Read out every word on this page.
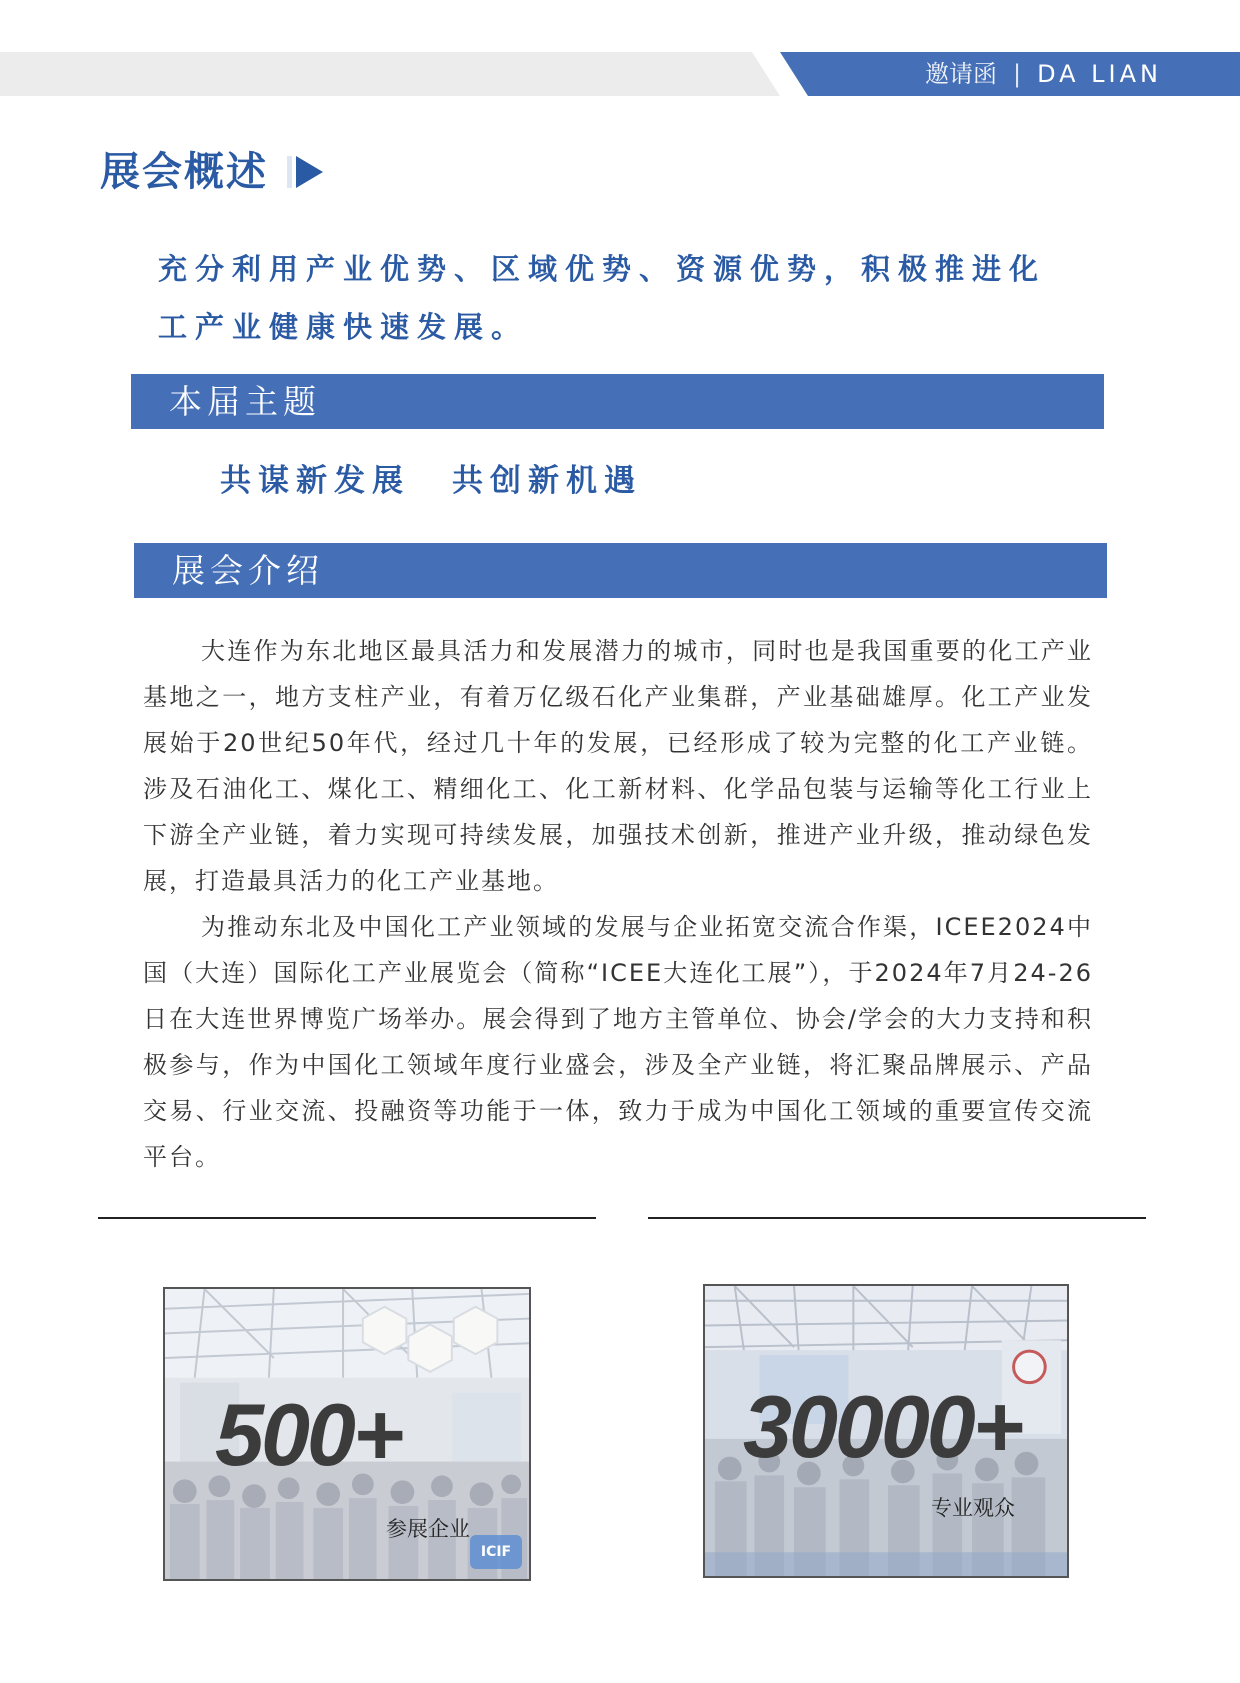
邀请函 | DA LIAN
展会概述
充分利用产业优势、区域优势、资源优势，积极推进化
工产业健康快速发展。
本届主题
共谋新发展 共创新机遇
展会介绍

大连作为东北地区最具活力和发展潜力的城市，同时也是我国重要的化工产业基地之一，地方支柱产业，有着万亿级石化产业集群，产业基础雄厚。化工产业发展始于20世纪50年代，经过几十年的发展，已经形成了较为完整的化工产业链。涉及石油化工、煤化工、精细化工、化工新材料、化学品包装与运输等化工行业上下游全产业链，着力实现可持续发展，加强技术创新，推进产业升级，推动绿色发展，打造最具活力的化工产业基地。

为推动东北及中国化工产业领域的发展与企业拓宽交流合作渠，ICEE2024中国（大连）国际化工产业展览会（简称“ICEE大连化工展”），于2024年7月24-26日在大连世界博览广场举办。展会得到了地方主管单位、协会/学会的大力支持和积极参与，作为中国化工领域年度行业盛会，涉及全产业链，将汇聚品牌展示、产品交易、行业交流、投融资等功能于一体，致力于成为中国化工领域的重要宣传交流平台。

500+
参展企业
ICIF
30000+
专业观众
